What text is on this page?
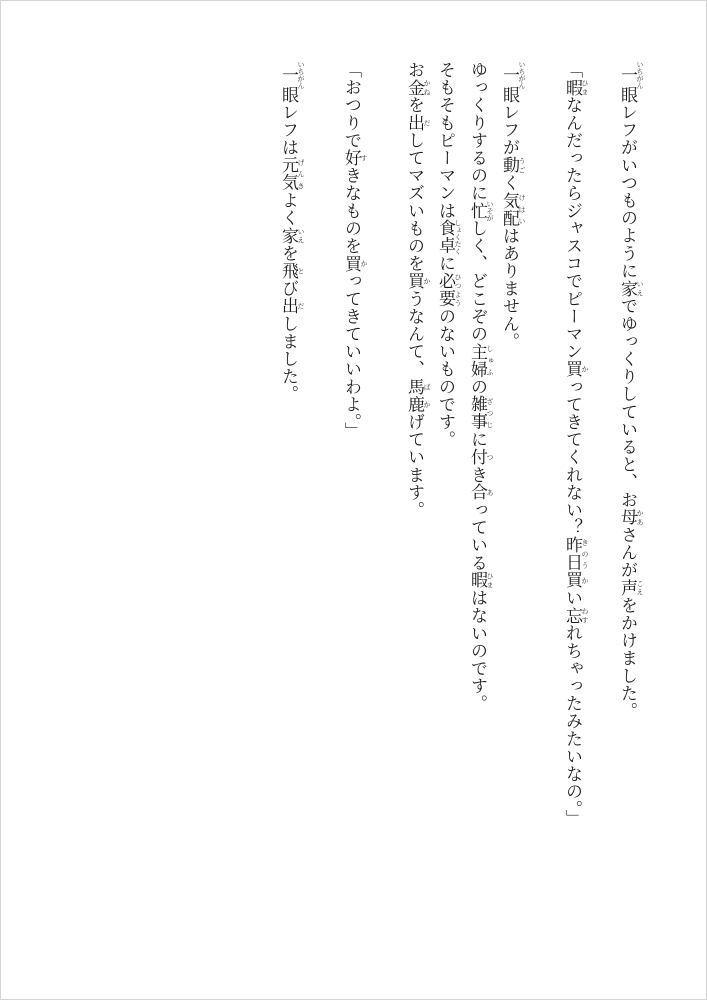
一 いちがん眼レフがいつものように家 いえでゆっくりしていると、お母 かあさんが声 こえをかけました。
「暇 ひまなんだったらジャスコでピーマン買 かってきてくれない？昨日 きのう買 かい忘 わすれちゃったみたいなの。」
一 いちがん眼レフが動 うごく気配 けはいはありません。
ゆっくりするのに忙 いそがしく、どこぞの主婦 しゅふの雑事 ざつじに付 つき合 あっている暇 ひまはないのです。
そもそもピーマンは食卓 しょくたくに必要 ひつようのないものです。
お金 かねを出 だしてマズいものを買 かうなんて、馬鹿 ばかげています。
「おつりで好 すきなものを買 かってきていいわよ。」
一 いちがん眼レフは元気 げんきよく家 いえを飛 とび出 だしました。
